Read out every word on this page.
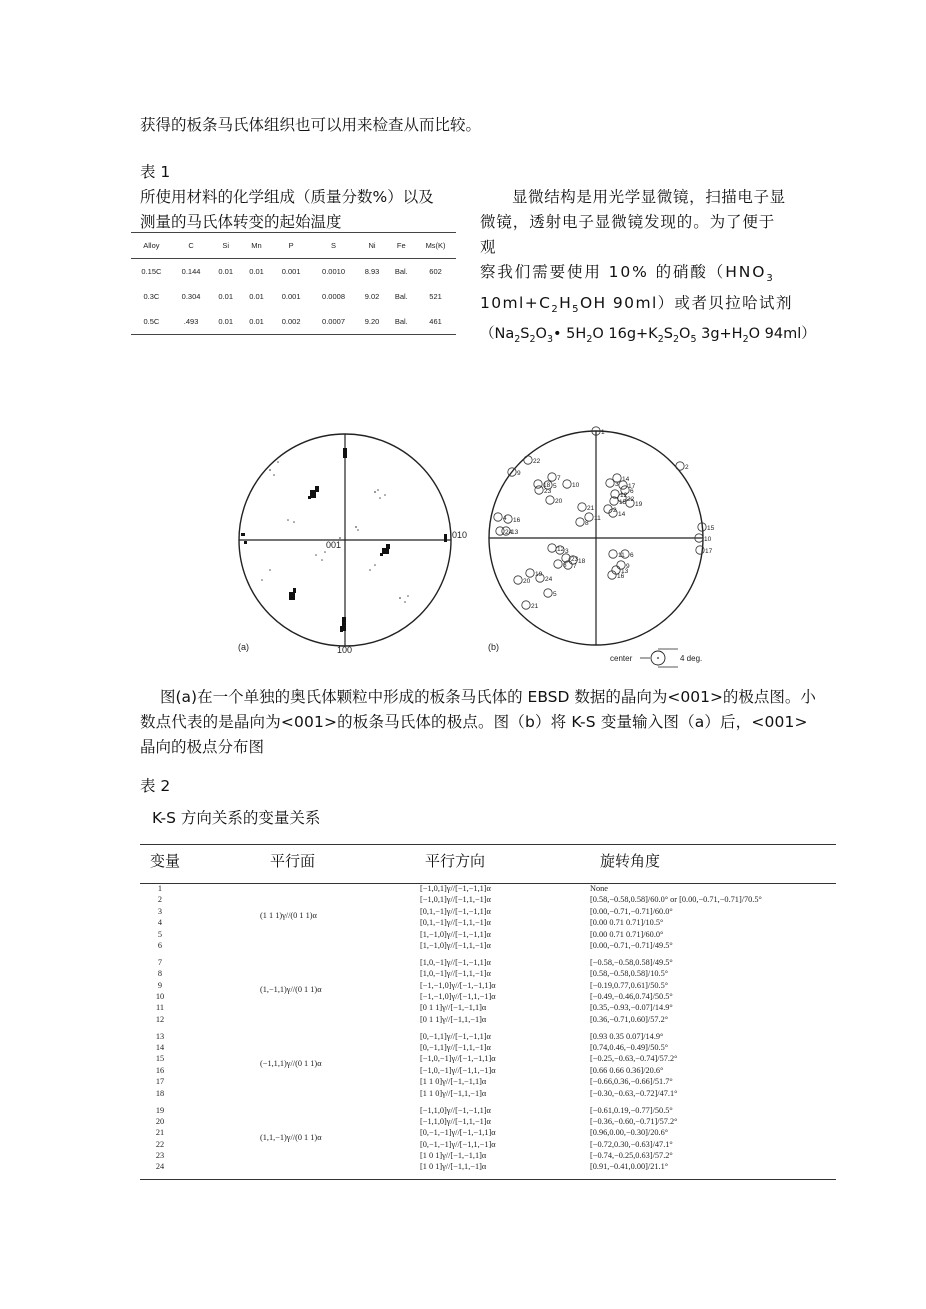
获得的板条马氏体组织也可以用来检查从而比较。
表 1
所使用材料的化学组成（质量分数%）以及
测量的马氏体转变的起始温度
Alloy	C	Si	Mn	P	S	Ni	Fe	Ms(K)
0.15C	0.144	0.01	0.01	0.001	0.0010	8.93	Bal.	602
0.3C	0.304	0.01	0.01	0.001	0.0008	9.02	Bal.	521
0.5C	.493	0.01	0.01	0.002	0.0007	9.20	Bal.	461
显微结构是用光学显微镜，扫描电子显
微镜，透射电子显微镜发现的。为了便于观
察我们需要使用 10% 的硝酸（$HNO_3$
$10ml+C_2H_5OH$ 90ml）或者贝拉哈试剂
（$Na_2S_2O_3•$ $5H_2O$ $16g+K_2S_2O_5$ $3g+H_2O$ 94ml）
001
100
010
(a)
1
22
9
7
5
18	10
23
20
14
17
3
6
22
12
19
15
2
4 16
24
13
21
8
11
14
2
15
10
17
12 3
23 18
8 7
11 6
9
13
16
20
19
24
5
21
(b)
center	4 deg.
图(a)在一个单独的奥氏体颗粒中形成的板条马氏体的 EBSD 数据的晶向为<001>的极点图。小
数点代表的是晶向为<001>的板条马氏体的极点。图（b）将 K-S 变量输入图（a）后，<001>
晶向的极点分布图
表 2
K-S 方向关系的变量关系
变量	平行面	平行方向	旋转角度
1	[−1,0,1]γ//[−1,−1,1]α	None
2	[−1,0,1]γ//[−1,1,−1]α	[0.58,−0.58,0.58]/60.0° or [0.00,−0.71,−0.71]/70.5°
3	[0,1,−1]γ//[−1,−1,1]α	[0.00,−0.71,−0.71]/60.0°
4	[0,1,−1]γ//[−1,1,−1]α	[0.00 0.71 0.71]/10.5°
5	[1,−1,0]γ//[−1,−1,1]α	[0.00 0.71 0.71]/60.0°
6	[1,−1,0]γ//[−1,1,−1]α	[0.00,−0.71,−0.71]/49.5°
(1 1 1)γ//(0 1 1)α
7	[1,0,−1]γ//[−1,−1,1]α	[−0.58,−0.58,0.58]/49.5°
8	[1,0,−1]γ//[−1,1,−1]α	[0.58,−0.58,0.58]/10.5°
9	[−1,−1,0]γ//[−1,−1,1]α	[−0.19,0.77,0.61]/50.5°
10	[−1,−1,0]γ//[−1,1,−1]α	[−0.49,−0.46,0.74]/50.5°
11	[0 1 1]γ//[−1,−1,1]α	[0.35,−0.93,−0.07]/14.9°
12	[0 1 1]γ//[−1,1,−1]α	[0.36,−0.71,0.60]/57.2°
(1,−1,1)γ//(0 1 1)α
13	[0,−1,1]γ//[−1,−1,1]α	[0.93 0.35 0.07]/14.9°
14	[0,−1,1]γ//[−1,1,−1]α	[0.74,0.46,−0.49]/50.5°
15	[−1,0,−1]γ//[−1,−1,1]α	[−0.25,−0.63,−0.74]/57.2°
16	[−1,0,−1]γ//[−1,1,−1]α	[0.66 0.66 0.36]/20.6°
17	[1 1 0]γ//[−1,−1,1]α	[−0.66,0.36,−0.66]/51.7°
18	[1 1 0]γ//[−1,1,−1]α	[−0.30,−0.63,−0.72]/47.1°
(−1,1,1)γ//(0 1 1)α
19	[−1,1,0]γ//[−1,−1,1]α	[−0.61,0.19,−0.77]/50.5°
20	[−1,1,0]γ//[−1,1,−1]α	[−0.36,−0.60,−0.71]/57.2°
21	[0,−1,−1]γ//[−1,−1,1]α	[0.96,0.00,−0.30]/20.6°
22	[0,−1,−1]γ//[−1,1,−1]α	[−0.72,0.30,−0.63]/47.1°
23	[1 0 1]γ//[−1,−1,1]α	[−0.74,−0.25,0.63]/57.2°
24	[1 0 1]γ//[−1,1,−1]α	[0.91,−0.41,0.00]/21.1°
(1,1,−1)γ//(0 1 1)α
